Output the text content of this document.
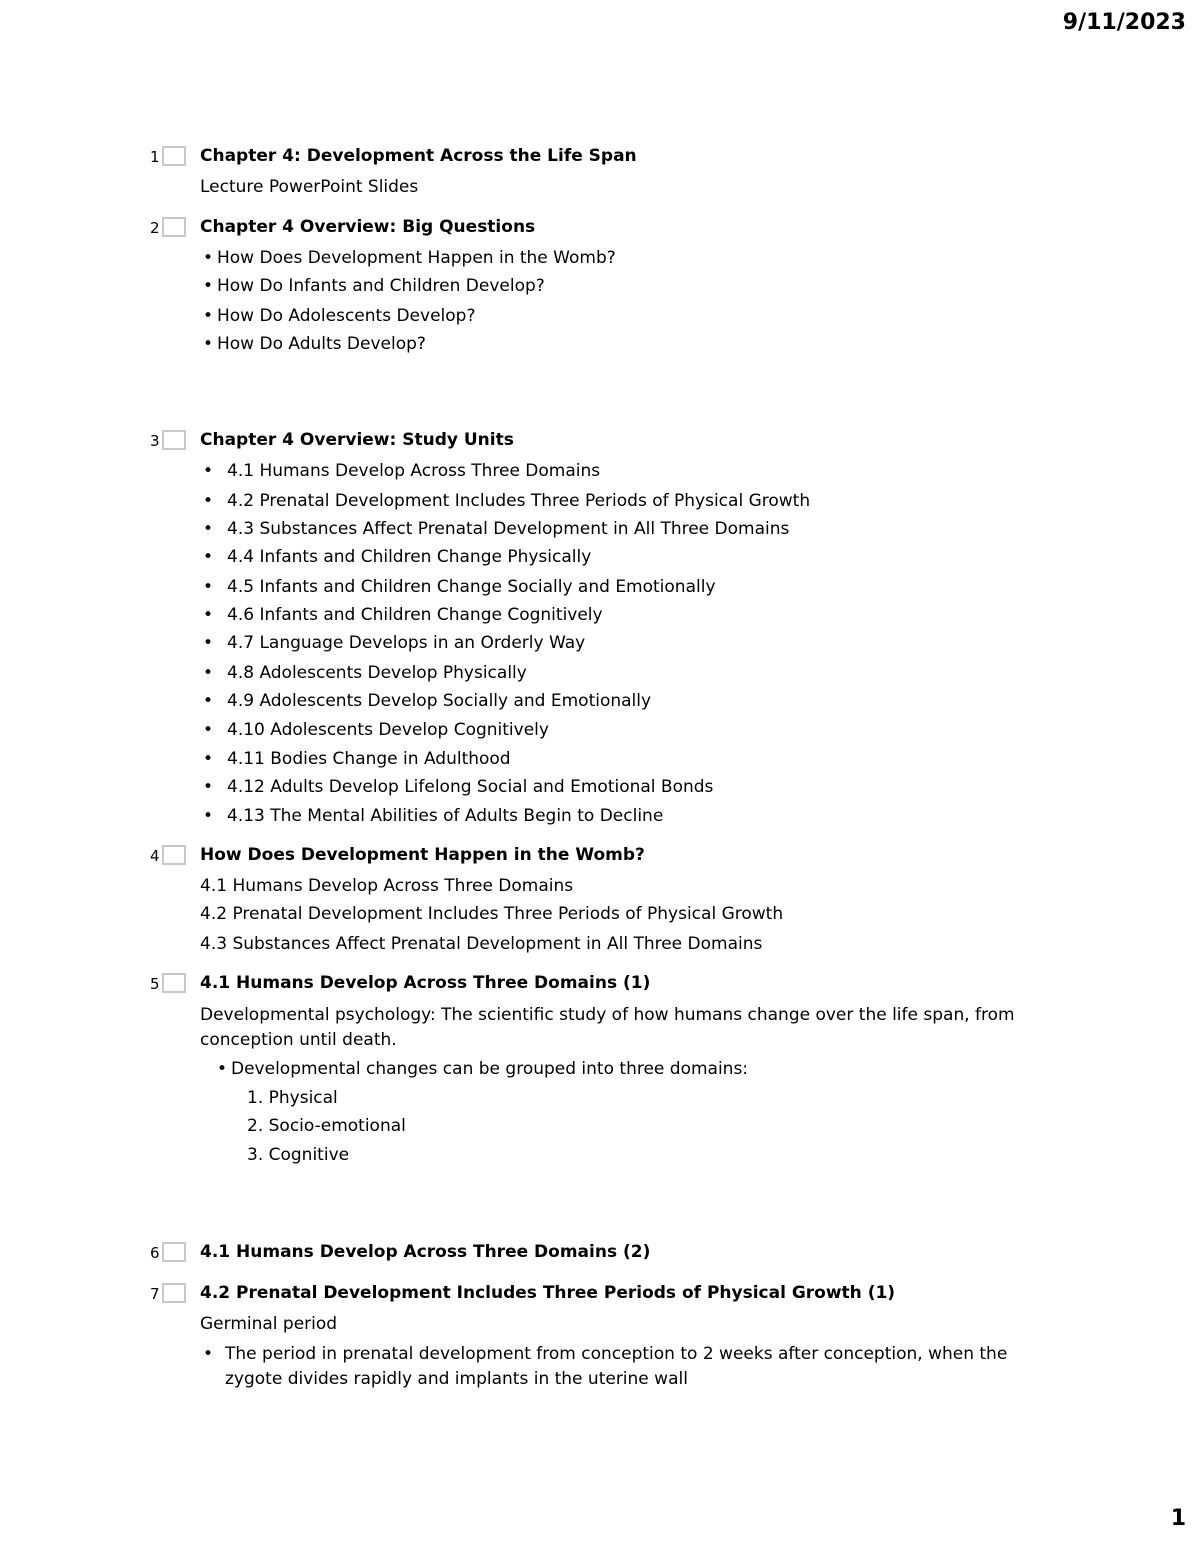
9/11/2023
1 Chapter 4: Development Across the Life Span
Lecture PowerPoint Slides
2 Chapter 4 Overview: Big Questions
• How Does Development Happen in the Womb?
• How Do Infants and Children Develop?
• How Do Adolescents Develop?
• How Do Adults Develop?
3 Chapter 4 Overview: Study Units
• 4.1 Humans Develop Across Three Domains
• 4.2 Prenatal Development Includes Three Periods of Physical Growth
• 4.3 Substances Affect Prenatal Development in All Three Domains
• 4.4 Infants and Children Change Physically
• 4.5 Infants and Children Change Socially and Emotionally
• 4.6 Infants and Children Change Cognitively
• 4.7 Language Develops in an Orderly Way
• 4.8 Adolescents Develop Physically
• 4.9 Adolescents Develop Socially and Emotionally
• 4.10 Adolescents Develop Cognitively
• 4.11 Bodies Change in Adulthood
• 4.12 Adults Develop Lifelong Social and Emotional Bonds
• 4.13 The Mental Abilities of Adults Begin to Decline
4 How Does Development Happen in the Womb?
4.1 Humans Develop Across Three Domains
4.2 Prenatal Development Includes Three Periods of Physical Growth
4.3 Substances Affect Prenatal Development in All Three Domains
5 4.1 Humans Develop Across Three Domains (1)
Developmental psychology: The scientific study of how humans change over the life span, from conception until death.
• Developmental changes can be grouped into three domains:
1. Physical
2. Socio-emotional
3. Cognitive
6 4.1 Humans Develop Across Three Domains (2)
7 4.2 Prenatal Development Includes Three Periods of Physical Growth (1)
Germinal period
• The period in prenatal development from conception to 2 weeks after conception, when the zygote divides rapidly and implants in the uterine wall
1
